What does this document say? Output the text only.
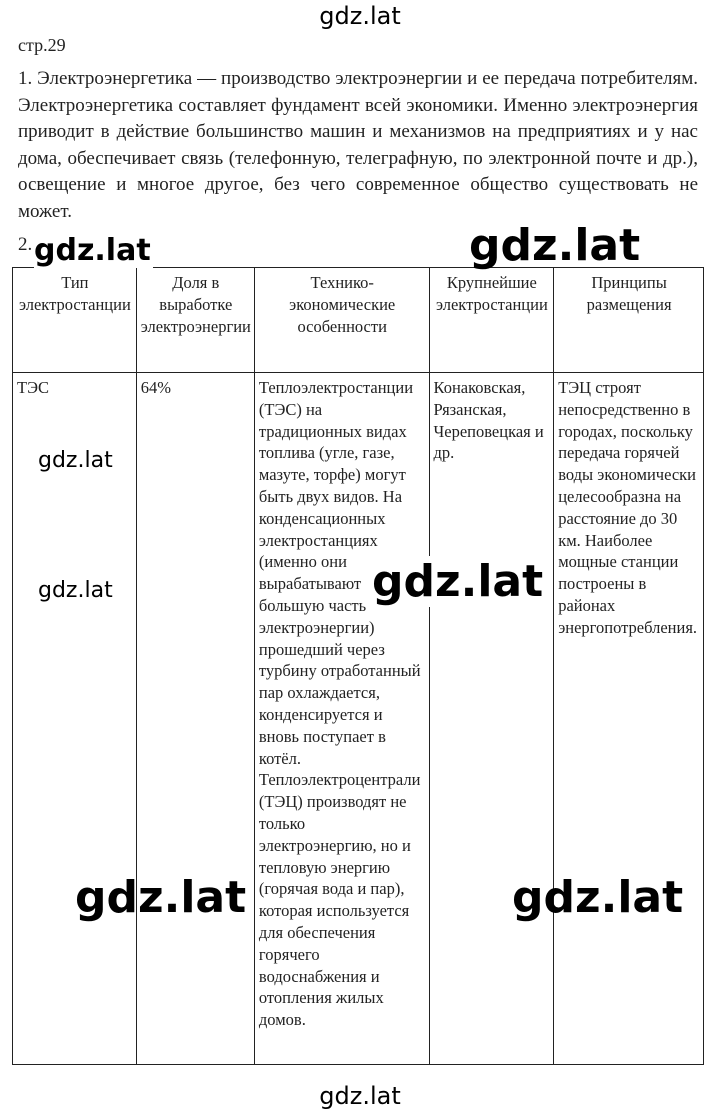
gdz.lat
стр.29
1. Электроэнергетика — производство электроэнергии и ее передача потребителям. Электроэнергетика составляет фундамент всей экономики. Именно электроэнергия приводит в действие большинство машин и механизмов на предприятиях и у нас дома, обеспечивает связь (телефонную, телеграфную, по электронной почте и др.), освещение и многое другое, без чего современное общество существовать не может.
2.
Тип электростанции	Доля в выработке электроэнергии	Технико-экономические особенности	Крупнейшие электростанции	Принципы размещения
ТЭС	64%	Теплоэлектростанции (ТЭС) на традиционных видах топлива (угле, газе, мазуте, торфе) могут быть двух видов. На конденсационных электростанциях (именно они вырабатывают большую часть электроэнергии) прошедший через турбину отработанный пар охлаждается, конденсируется и вновь поступает в котёл. Теплоэлектроцентрали (ТЭЦ) производят не только электроэнергию, но и тепловую энергию (горячая вода и пар), которая используется для обеспечения горячего водоснабжения и отопления жилых домов.	Конаковская, Рязанская, Череповецкая и др.	ТЭЦ строят непосредственно в городах, поскольку передача горячей воды экономически целесообразна на расстояние до 30 км. Наиболее мощные станции построены в районах энергопотребления.
gdz.lat	gdz.lat
gdz.lat
gdz.lat	gdz.lat
gdz.lat	gdz.lat
gdz.lat
